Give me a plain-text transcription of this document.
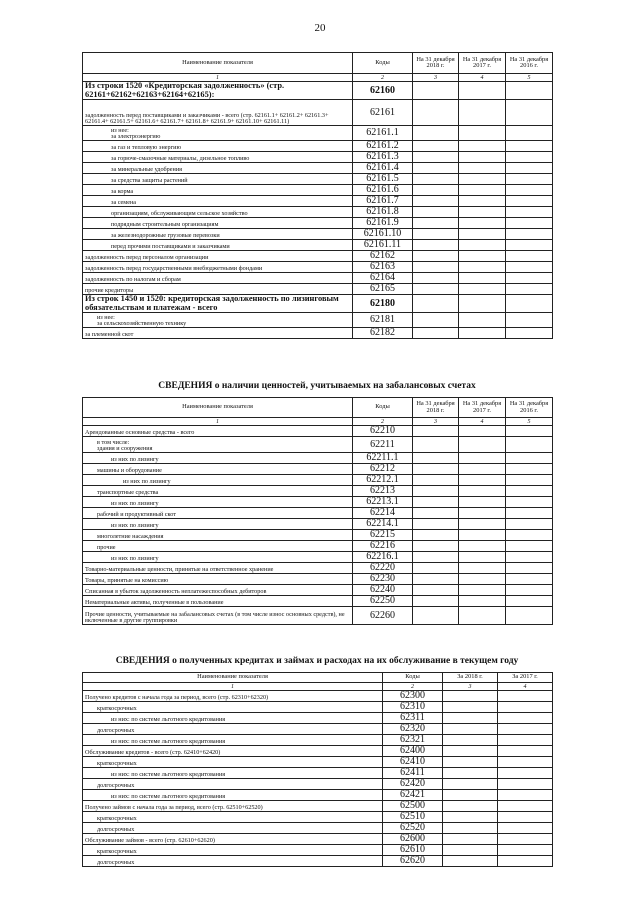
20
Наименование показателя	Коды	На 31 декабря 2018 г.	На 31 декабря 2017 г.	На 31 декабря 2016 г.
1	2	3	4	5
Из строки 1520 «Кредиторская задолженность» (стр. 62161+62162+62163+62164+62165):	62160			
задолженность перед поставщиками и заказчиками - всего (стр. 62161.1+ 62161.2+ 62161.3+ 62161.4+ 62161.5+ 62161.6+ 62161.7+ 62161.8+ 62161.9+ 62161.10+ 62161.11)	62161			
из нее:
за электроэнергию	62161.1			
за газ и тепловую энергию	62161.2			
за горюче-смазочные материалы, дизельное топливо	62161.3			
за минеральные удобрения	62161.4			
за средства защиты растений	62161.5			
за корма	62161.6			
за семена	62161.7			
организациям, обслуживающим сельское хозяйство	62161.8			
подрядным строительным организациям	62161.9			
за железнодорожные грузовые перевозки	62161.10			
перед прочими поставщиками и заказчиками	62161.11			
задолженность перед персоналом организации	62162			
задолженность перед государственными внебюджетными фондами	62163			
задолженность по налогам и сборам	62164			
прочие кредиторы	62165			
Из строк 1450 и 1520: кредиторская задолженность по лизинговым обязательствам и платежам - всего	62180			
из нее:
за сельскохозяйственную технику	62181			
за племенной скот	62182			
СВЕДЕНИЯ о наличии ценностей, учитываемых на забалансовых счетах
Наименование показателя	Коды	На 31 декабря 2018 г.	На 31 декабря 2017 г.	На 31 декабря 2016 г.
1	2	3	4	5
Арендованные основные средства - всего	62210			
в том числе:
здания и сооружения	62211			
из них по лизингу	62211.1			
машины и оборудование	62212			
из них по лизингу	62212.1			
транспортные средства	62213			
из них по лизингу	62213.1			
рабочий и продуктивный скот	62214			
из них по лизингу	62214.1			
многолетние насаждения	62215			
прочие	62216			
из них по лизингу	62216.1			
Товарно-материальные ценности, принятые на ответственное хранение	62220			
Товары, принятые на комиссию	62230			
Списанная в убыток задолженность неплатежеспособных дебиторов	62240			
Нематериальные активы, полученные в пользование	62250			
Прочие ценности, учитываемые на забалансовых счетах (в том числе износ основных средств), не включенные в другие группировки	62260			
СВЕДЕНИЯ о полученных кредитах и займах и расходах на их обслуживание в текущем году
Наименование показателя	Коды	За 2018 г.	За 2017 г.
1	2	3	4
Получено кредитов с начала года за период, всего (стр. 62310+62320)	62300		
краткосрочных	62310		
из них: по системе льготного кредитования	62311		
долгосрочных	62320		
из них: по системе льготного кредитования	62321		
Обслуживание кредитов - всего (стр. 62410+62420)	62400		
краткосрочных	62410		
из них: по системе льготного кредитования	62411		
долгосрочных	62420		
из них: по системе льготного кредитования	62421		
Получено займов с начала года за период, всего (стр. 62510+62520)	62500		
краткосрочных	62510		
долгосрочных	62520		
Обслуживание займов - всего (стр. 62610+62620)	62600		
краткосрочных	62610		
долгосрочных	62620		
